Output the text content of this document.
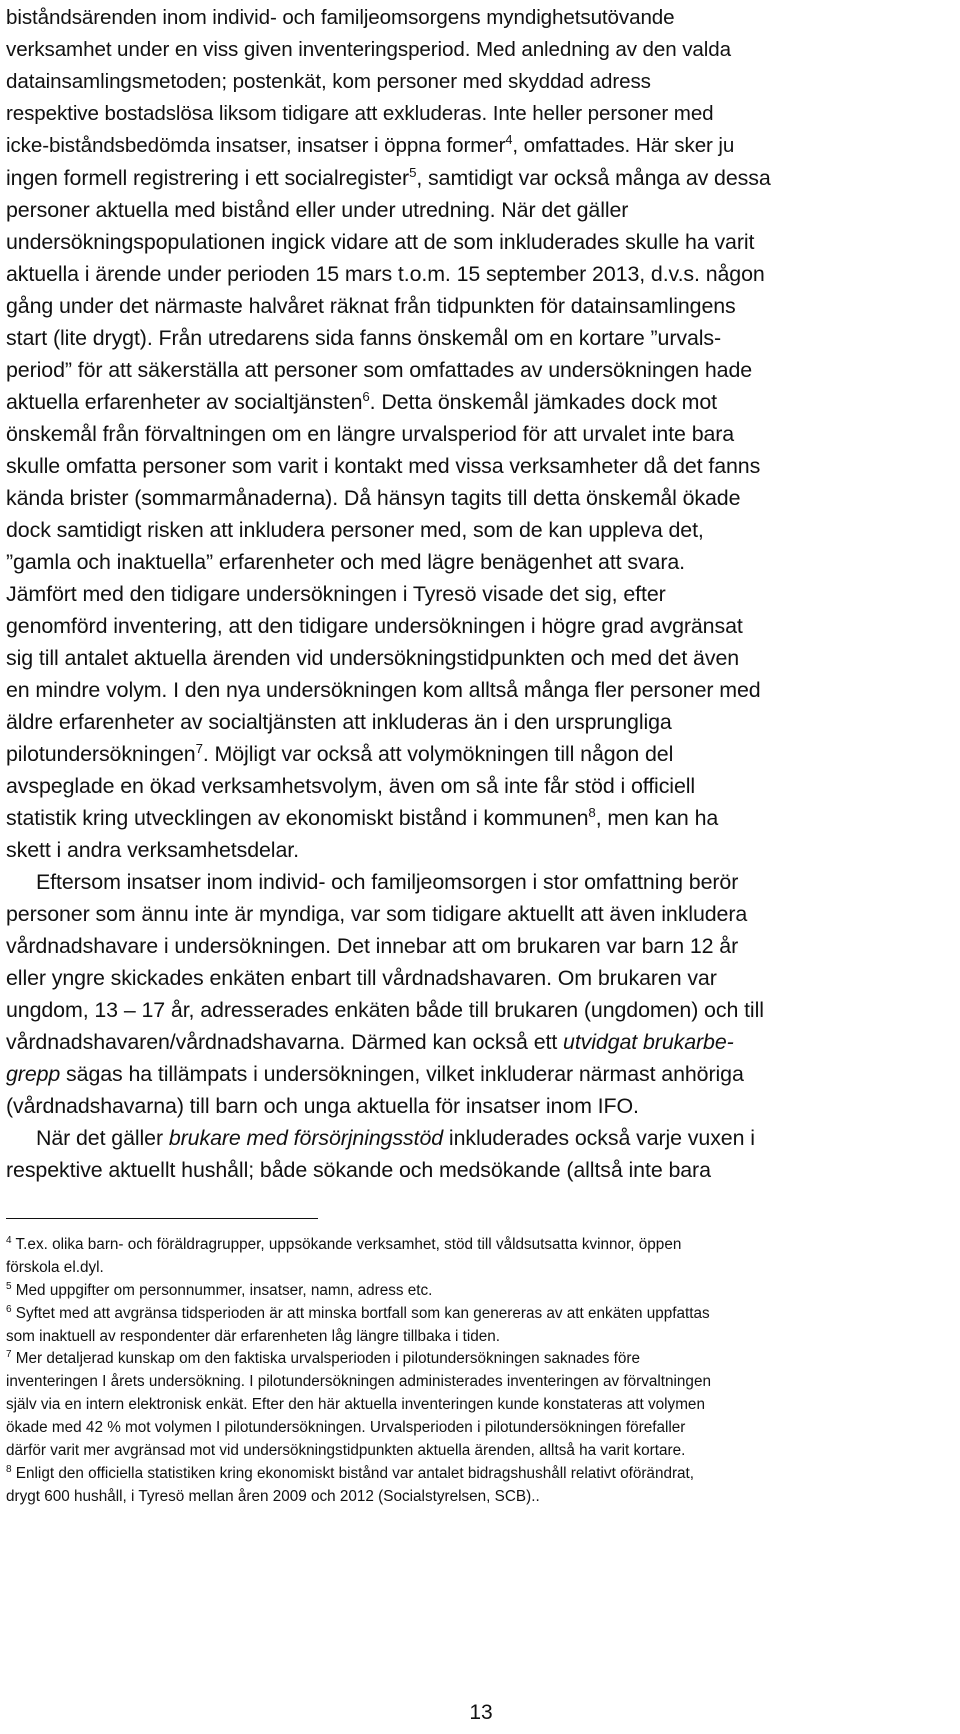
biståndsärenden inom individ- och familjeomsorgens myndighetsutövande
verksamhet under en viss given inventeringsperiod. Med anledning av den valda
datainsamlingsmetoden; postenkät, kom personer med skyddad adress
respektive bostadslösa liksom tidigare att exkluderas. Inte heller personer med
icke-biståndsbedömda insatser, insatser i öppna former$^4$, omfattades. Här sker ju
ingen formell registrering i ett socialregister$^5$, samtidigt var också många av dessa
personer aktuella med bistånd eller under utredning. När det gäller
undersökningspopulationen ingick vidare att de som inkluderades skulle ha varit
aktuella i ärende under perioden 15 mars t.o.m. 15 september 2013, d.v.s. någon
gång under det närmaste halvåret räknat från tidpunkten för datainsamlingens
start (lite drygt). Från utredarens sida fanns önskemål om en kortare ”urvals-
period” för att säkerställa att personer som omfattades av undersökningen hade
aktuella erfarenheter av socialtjänsten$^6$. Detta önskemål jämkades dock mot
önskemål från förvaltningen om en längre urvalsperiod för att urvalet inte bara
skulle omfatta personer som varit i kontakt med vissa verksamheter då det fanns
kända brister (sommarmånaderna). Då hänsyn tagits till detta önskemål ökade
dock samtidigt risken att inkludera personer med, som de kan uppleva det,
”gamla och inaktuella” erfarenheter och med lägre benägenhet att svara.
Jämfört med den tidigare undersökningen i Tyresö visade det sig, efter
genomförd inventering, att den tidigare undersökningen i högre grad avgränsat
sig till antalet aktuella ärenden vid undersökningstidpunkten och med det även
en mindre volym. I den nya undersökningen kom alltså många fler personer med
äldre erfarenheter av socialtjänsten att inkluderas än i den ursprungliga
pilotundersökningen$^7$. Möjligt var också att volymökningen till någon del
avspeglade en ökad verksamhetsvolym, även om så inte får stöd i officiell
statistik kring utvecklingen av ekonomiskt bistånd i kommunen$^8$, men kan ha
skett i andra verksamhetsdelar.
Eftersom insatser inom individ- och familjeomsorgen i stor omfattning berör
personer som ännu inte är myndiga, var som tidigare aktuellt att även inkludera
vårdnadshavare i undersökningen. Det innebar att om brukaren var barn 12 år
eller yngre skickades enkäten enbart till vårdnadshavaren. Om brukaren var
ungdom, 13 – 17 år, adresserades enkäten både till brukaren (ungdomen) och till
vårdnadshavaren/vårdnadshavarna. Därmed kan också ett utvidgat brukarbe-
grepp sägas ha tillämpats i undersökningen, vilket inkluderar närmast anhöriga
(vårdnadshavarna) till barn och unga aktuella för insatser inom IFO.
När det gäller brukare med försörjningsstöd inkluderades också varje vuxen i
respektive aktuellt hushåll; både sökande och medsökande (alltså inte bara
$^4$ T.ex. olika barn- och föräldragrupper, uppsökande verksamhet, stöd till våldsutsatta kvinnor, öppen
förskola el.dyl.
$^5$ Med uppgifter om personnummer, insatser, namn, adress etc.
$^6$ Syftet med att avgränsa tidsperioden är att minska bortfall som kan genereras av att enkäten uppfattas
som inaktuell av respondenter där erfarenheten låg längre tillbaka i tiden.
$^7$ Mer detaljerad kunskap om den faktiska urvalsperioden i pilotundersökningen saknades före
inventeringen I årets undersökning. I pilotundersökningen administerades inventeringen av förvaltningen
själv via en intern elektronisk enkät. Efter den här aktuella inventeringen kunde konstateras att volymen
ökade med 42 % mot volymen I pilotundersökningen. Urvalsperioden i pilotundersökningen förefaller
därför varit mer avgränsad mot vid undersökningstidpunkten aktuella ärenden, alltså ha varit kortare.
$^8$ Enligt den officiella statistiken kring ekonomiskt bistånd var antalet bidragshushåll relativt oförändrat,
drygt 600 hushåll, i Tyresö mellan åren 2009 och 2012 (Socialstyrelsen, SCB)..
13
